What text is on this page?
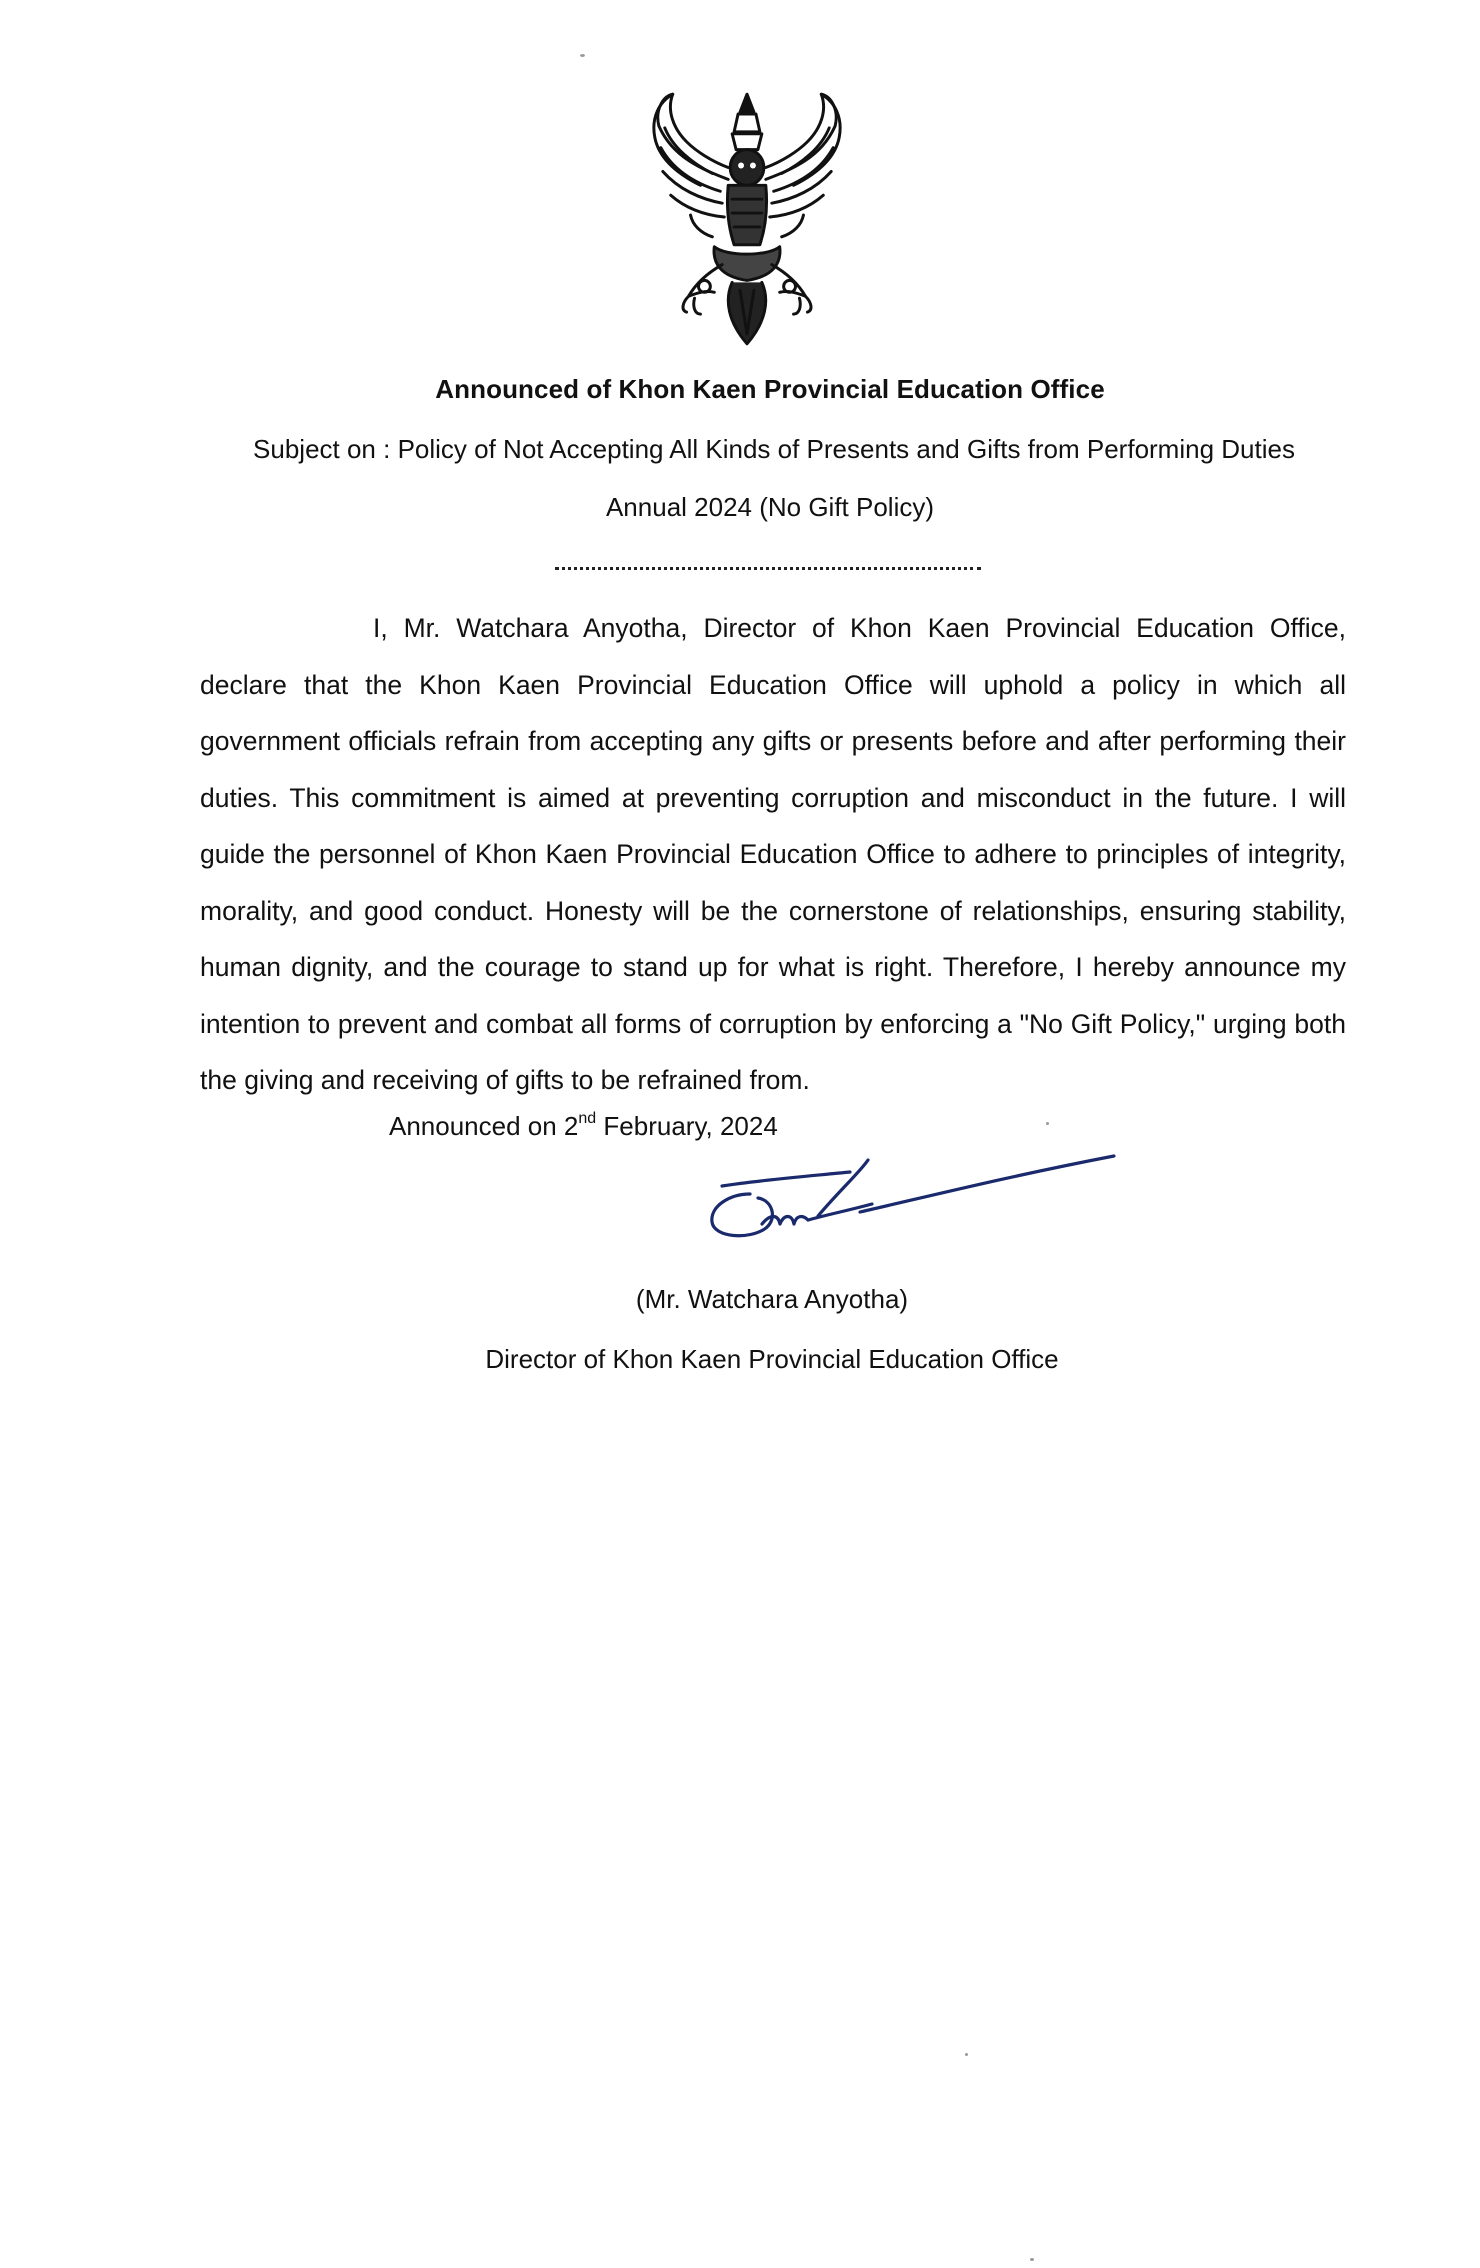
Announced of Khon Kaen Provincial Education Office
Subject on : Policy of Not Accepting All Kinds of Presents and Gifts from Performing Duties
Annual 2024 (No Gift Policy)

I, Mr. Watchara Anyotha, Director of Khon Kaen Provincial Education Office, declare that the Khon Kaen Provincial Education Office will uphold a policy in which all government officials refrain from accepting any gifts or presents before and after performing their duties. This commitment is aimed at preventing corruption and misconduct in the future. I will guide the personnel of Khon Kaen Provincial Education Office to adhere to principles of integrity, morality, and good conduct. Honesty will be the cornerstone of relationships, ensuring stability, human dignity, and the courage to stand up for what is right. Therefore, I hereby announce my intention to prevent and combat all forms of corruption by enforcing a "No Gift Policy," urging both the giving and receiving of gifts to be refrained from.

Announced on 2nd February, 2024
(Mr. Watchara Anyotha)
Director of Khon Kaen Provincial Education Office
